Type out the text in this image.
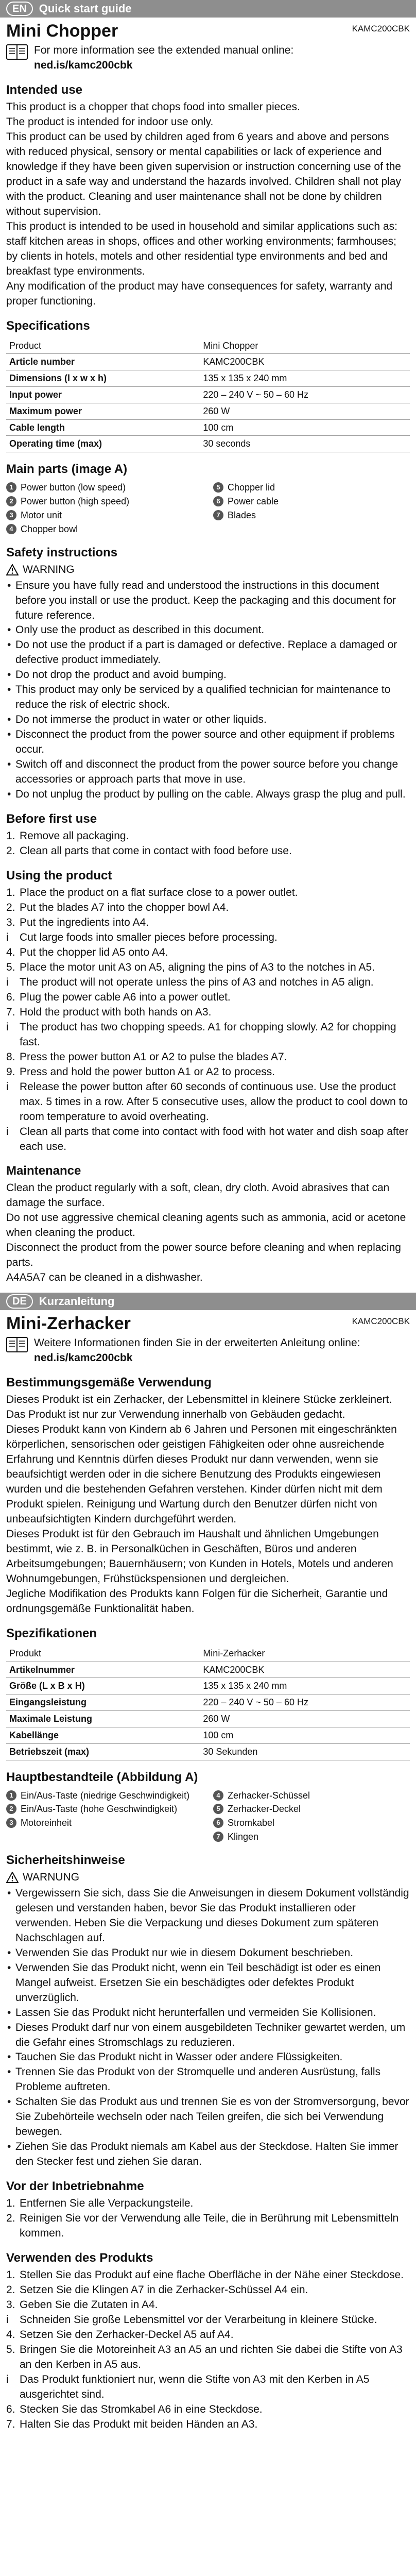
EN	Quick start guide
Mini Chopper	KAMC200CBK
For more information see the extended manual online:
ned.is/kamc200cbk
Intended use

This product is a chopper that chops food into smaller pieces.

The product is intended for indoor use only.

This product can be used by children aged from 6 years and above and persons with reduced physical, sensory or mental capabilities or lack of experience and knowledge if they have been given supervision or instruction concerning use of the product in a safe way and understand the hazards involved. Children shall not play with the product. Cleaning and user maintenance shall not be done by children without supervision.

This product is intended to be used in household and similar applications such as: staff kitchen areas in shops, offices and other working environments; farmhouses; by clients in hotels, motels and other residential type environments and bed and breakfast type environments.

Any modification of the product may have consequences for safety, warranty and proper functioning.

Specifications
Product	Mini Chopper
Article number	KAMC200CBK
Dimensions (l x w x h)	135 x 135 x 240 mm
Input power	220 – 240 V ~ 50 – 60 Hz
Maximum power	260 W
Cable length	100 cm
Operating time (max)	30 seconds
Main parts (image A)
1 Power button (low speed)	5 Chopper lid
2 Power button (high speed)	6 Power cable
3 Motor unit	7 Blades
4 Chopper bowl
Safety instructions
WARNING
• Ensure you have fully read and understood the instructions in this document before you install or use the product. Keep the packaging and this document for future reference.
• Only use the product as described in this document.
• Do not use the product if a part is damaged or defective. Replace a damaged or defective product immediately.
• Do not drop the product and avoid bumping.
• This product may only be serviced by a qualified technician for maintenance to reduce the risk of electric shock.
• Do not immerse the product in water or other liquids.
• Disconnect the product from the power source and other equipment if problems occur.
• Switch off and disconnect the product from the power source before you change accessories or approach parts that move in use.
• Do not unplug the product by pulling on the cable. Always grasp the plug and pull.
Before first use
1. Remove all packaging.
2. Clean all parts that come in contact with food before use.
Using the product
1. Place the product on a flat surface close to a power outlet.
2. Put the blades A7 into the chopper bowl A4.
3. Put the ingredients into A4.
i	Cut large foods into smaller pieces before processing.
4. Put the chopper lid A5 onto A4.
5. Place the motor unit A3 on A5, aligning the pins of A3 to the notches in A5.
i	The product will not operate unless the pins of A3 and notches in A5 align.
6. Plug the power cable A6 into a power outlet.
7. Hold the product with both hands on A3.
i	The product has two chopping speeds. A1 for chopping slowly. A2 for chopping fast.
8. Press the power button A1 or A2 to pulse the blades A7.
9. Press and hold the power button A1 or A2 to process.
i	Release the power button after 60 seconds of continuous use. Use the product max. 5 times in a row. After 5 consecutive uses, allow the product to cool down to room temperature to avoid overheating.
i	Clean all parts that come into contact with food with hot water and dish soap after each use.
Maintenance

Clean the product regularly with a soft, clean, dry cloth. Avoid abrasives that can damage the surface.

Do not use aggressive chemical cleaning agents such as ammonia, acid or acetone when cleaning the product.

Disconnect the product from the power source before cleaning and when replacing parts.

A4A5A7 can be cleaned in a dishwasher.

DE	Kurzanleitung
Mini-Zerhacker	KAMC200CBK
Weitere Informationen finden Sie in der erweiterten Anleitung online:
ned.is/kamc200cbk
Bestimmungsgemäße Verwendung

Dieses Produkt ist ein Zerhacker, der Lebensmittel in kleinere Stücke zerkleinert.

Das Produkt ist nur zur Verwendung innerhalb von Gebäuden gedacht.

Dieses Produkt kann von Kindern ab 6 Jahren und Personen mit eingeschränkten körperlichen, sensorischen oder geistigen Fähigkeiten oder ohne ausreichende Erfahrung und Kenntnis dürfen dieses Produkt nur dann verwenden, wenn sie beaufsichtigt werden oder in die sichere Benutzung des Produkts eingewiesen wurden und die bestehenden Gefahren verstehen. Kinder dürfen nicht mit dem Produkt spielen. Reinigung und Wartung durch den Benutzer dürfen nicht von unbeaufsichtigten Kindern durchgeführt werden.

Dieses Produkt ist für den Gebrauch im Haushalt und ähnlichen Umgebungen bestimmt, wie z. B. in Personalküchen in Geschäften, Büros und anderen Arbeitsumgebungen; Bauernhäusern; von Kunden in Hotels, Motels und anderen Wohnumgebungen, Frühstückspensionen und dergleichen.

Jegliche Modifikation des Produkts kann Folgen für die Sicherheit, Garantie und ordnungsgemäße Funktionalität haben.

Spezifikationen
Produkt	Mini-Zerhacker
Artikelnummer	KAMC200CBK
Größe (L x B x H)	135 x 135 x 240 mm
Eingangsleistung	220 – 240 V ~ 50 – 60 Hz
Maximale Leistung	260 W
Kabellänge	100 cm
Betriebszeit (max)	30 Sekunden
Hauptbestandteile (Abbildung A)
1 Ein/Aus-Taste (niedrige Geschwindigkeit)	4 Zerhacker-Schüssel
2 Ein/Aus-Taste (hohe Geschwindigkeit)	5 Zerhacker-Deckel
3 Motoreinheit	6 Stromkabel
7 Klingen
Sicherheitshinweise
WARNUNG
• Vergewissern Sie sich, dass Sie die Anweisungen in diesem Dokument vollständig gelesen und verstanden haben, bevor Sie das Produkt installieren oder verwenden. Heben Sie die Verpackung und dieses Dokument zum späteren Nachschlagen auf.
• Verwenden Sie das Produkt nur wie in diesem Dokument beschrieben.
• Verwenden Sie das Produkt nicht, wenn ein Teil beschädigt ist oder es einen Mangel aufweist. Ersetzen Sie ein beschädigtes oder defektes Produkt unverzüglich.
• Lassen Sie das Produkt nicht herunterfallen und vermeiden Sie Kollisionen.
• Dieses Produkt darf nur von einem ausgebildeten Techniker gewartet werden, um die Gefahr eines Stromschlags zu reduzieren.
• Tauchen Sie das Produkt nicht in Wasser oder andere Flüssigkeiten.
• Trennen Sie das Produkt von der Stromquelle und anderen Ausrüstung, falls Probleme auftreten.
• Schalten Sie das Produkt aus und trennen Sie es von der Stromversorgung, bevor Sie Zubehörteile wechseln oder nach Teilen greifen, die sich bei Verwendung bewegen.
• Ziehen Sie das Produkt niemals am Kabel aus der Steckdose. Halten Sie immer den Stecker fest und ziehen Sie daran.
Vor der Inbetriebnahme
1. Entfernen Sie alle Verpackungsteile.
2. Reinigen Sie vor der Verwendung alle Teile, die in Berührung mit Lebensmitteln kommen.
Verwenden des Produkts
1. Stellen Sie das Produkt auf eine flache Oberfläche in der Nähe einer Steckdose.
2. Setzen Sie die Klingen A7 in die Zerhacker-Schüssel A4 ein.
3. Geben Sie die Zutaten in A4.
i	Schneiden Sie große Lebensmittel vor der Verarbeitung in kleinere Stücke.
4. Setzen Sie den Zerhacker-Deckel A5 auf A4.
5. Bringen Sie die Motoreinheit A3 an A5 an und richten Sie dabei die Stifte von A3 an den Kerben in A5 aus.
i	Das Produkt funktioniert nur, wenn die Stifte von A3 mit den Kerben in A5 ausgerichtet sind.
6. Stecken Sie das Stromkabel A6 in eine Steckdose.
7. Halten Sie das Produkt mit beiden Händen an A3.
